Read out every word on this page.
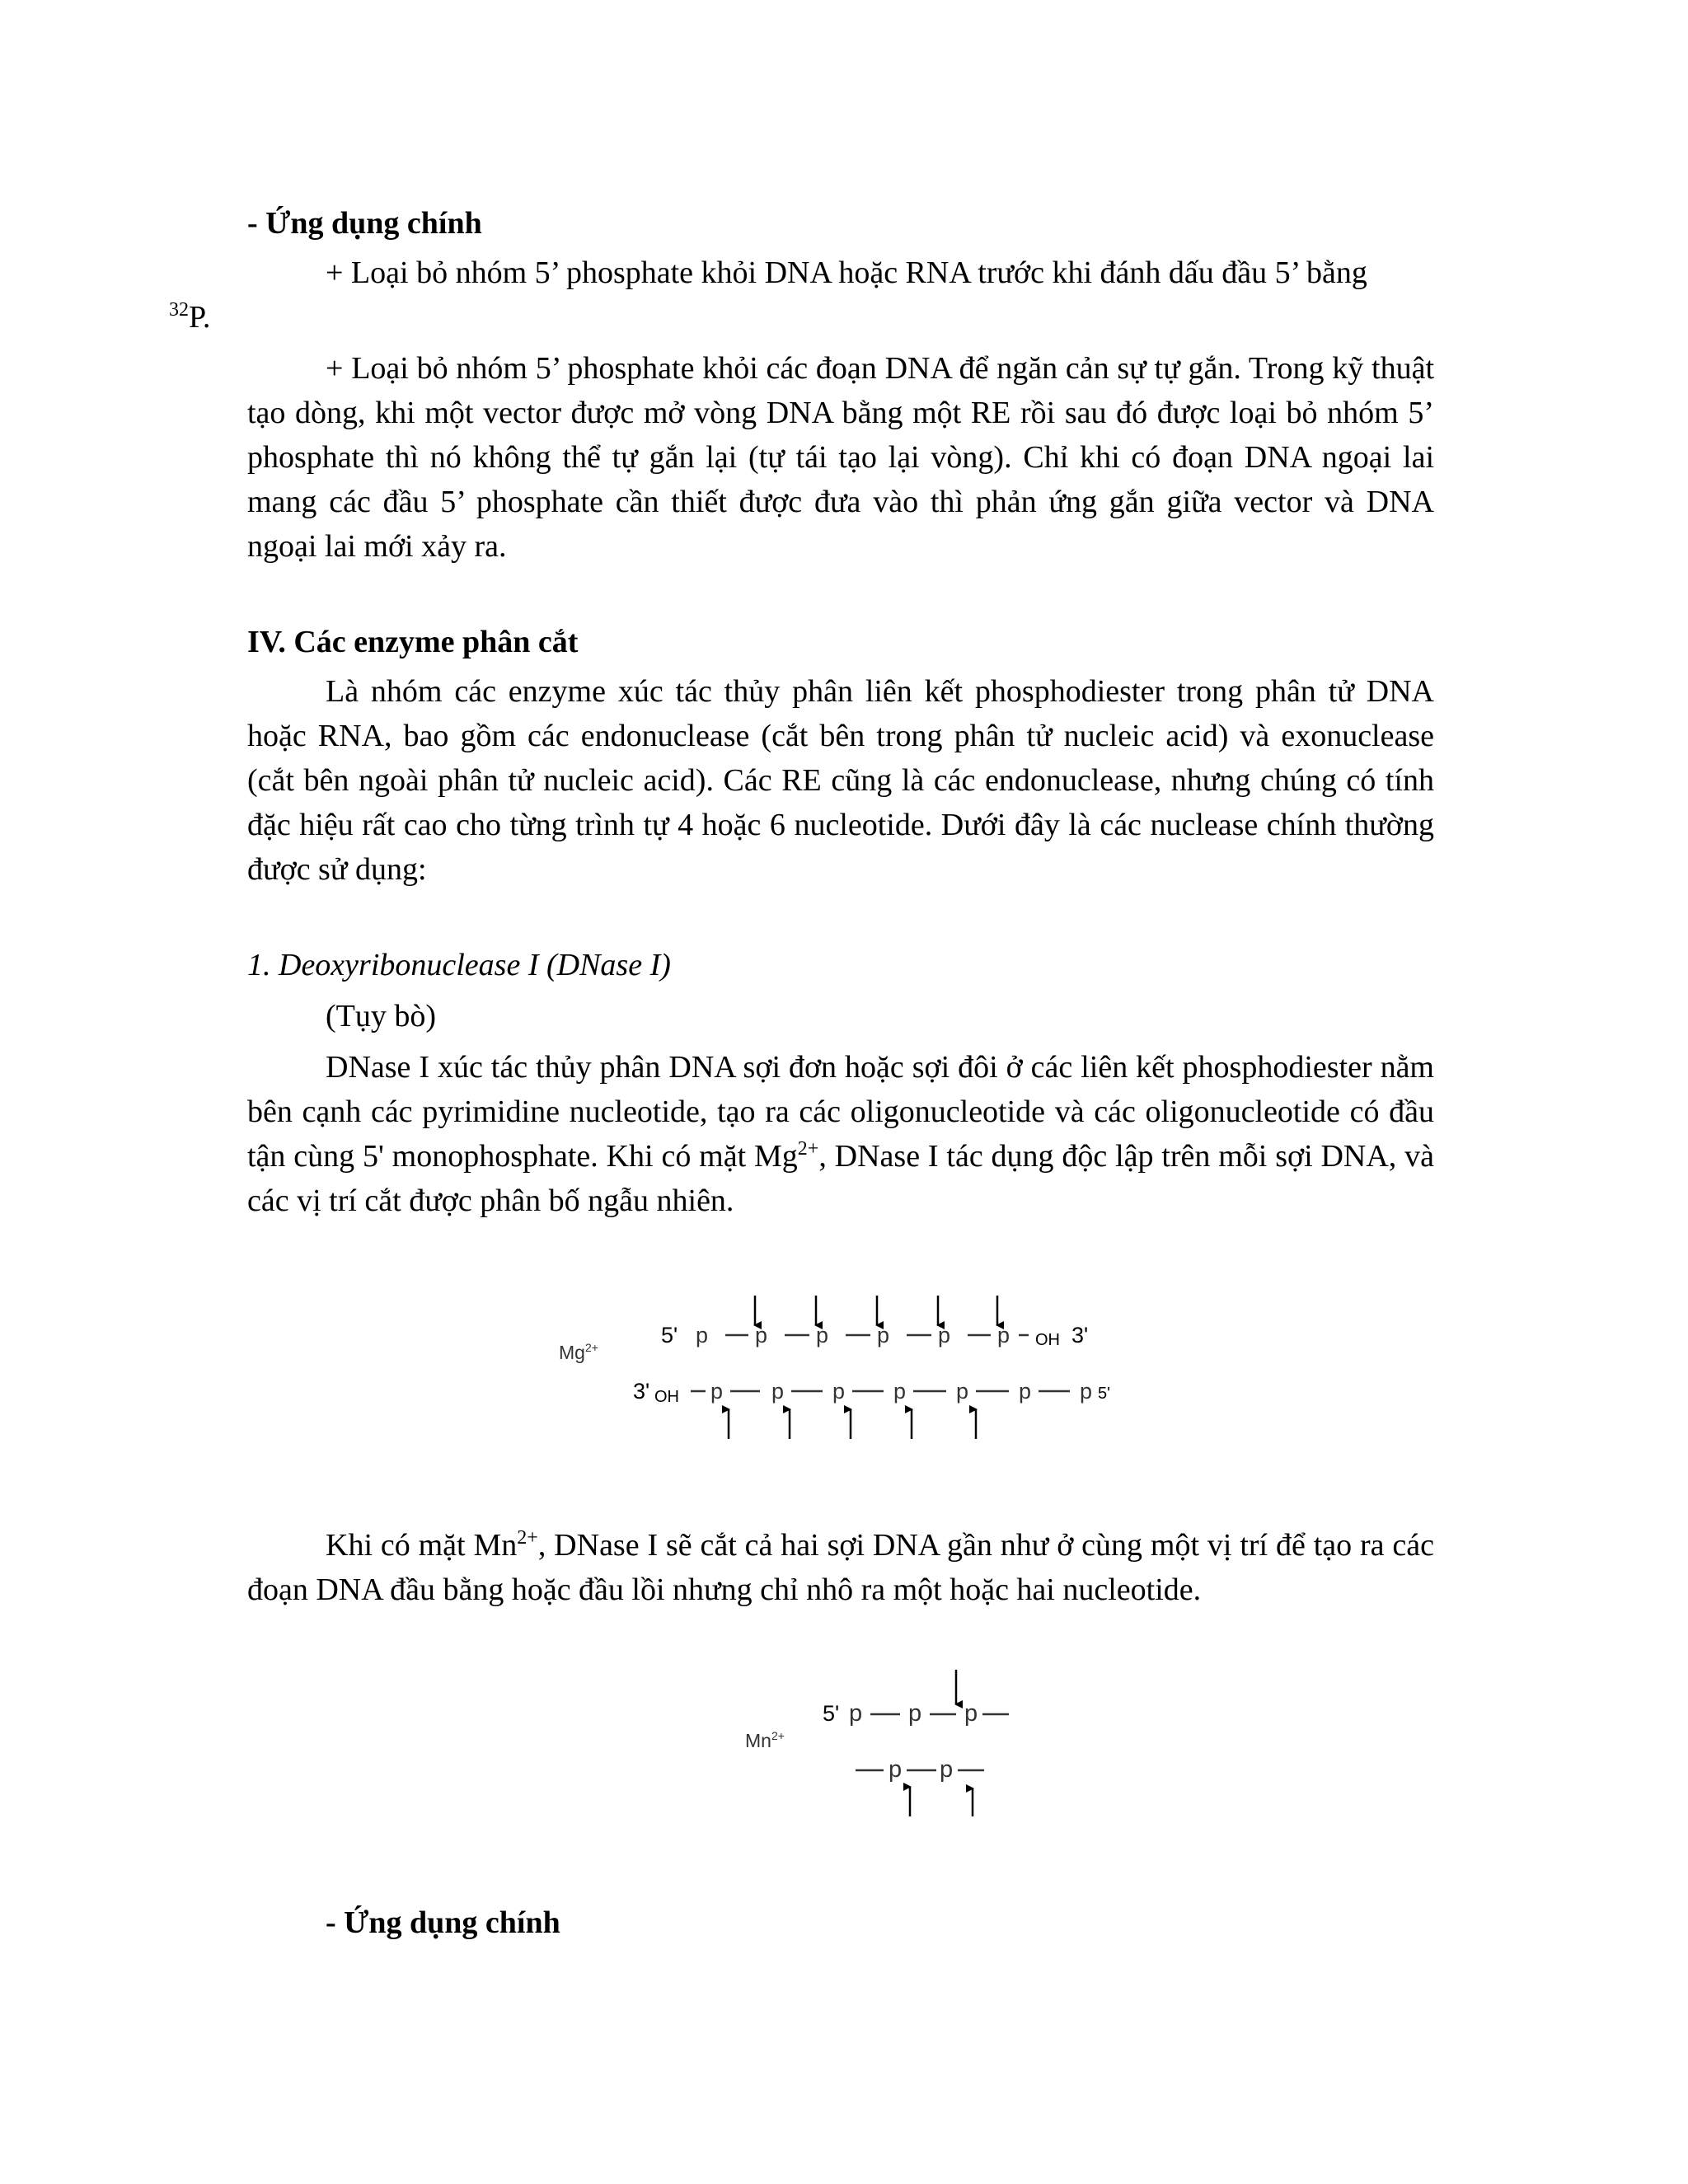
- Ứng dụng chính

+ Loại bỏ nhóm 5’ phosphate khỏi DNA hoặc RNA trước khi đánh dấu đầu 5’ bằng
$^{32}$P.

+ Loại bỏ nhóm 5’ phosphate khỏi các đoạn DNA để ngăn cản sự tự gắn. Trong kỹ thuật tạo dòng, khi một vector được mở vòng DNA bằng một RE rồi sau đó được loại bỏ nhóm 5’ phosphate thì nó không thể tự gắn lại (tự tái tạo lại vòng). Chỉ khi có đoạn DNA ngoại lai mang các đầu 5’ phosphate cần thiết được đưa vào thì phản ứng gắn giữa vector và DNA ngoại lai mới xảy ra.

IV. Các enzyme phân cắt

Là nhóm các enzyme xúc tác thủy phân liên kết phosphodiester trong phân tử DNA hoặc RNA, bao gồm các endonuclease (cắt bên trong phân tử nucleic acid) và exonuclease (cắt bên ngoài phân tử nucleic acid). Các RE cũng là các endonuclease, nhưng chúng có tính đặc hiệu rất cao cho từng trình tự 4 hoặc 6 nucleotide. Dưới đây là các nuclease chính thường được sử dụng:

1. Deoxyribonuclease I (DNase I)

(Tụy bò)

DNase I xúc tác thủy phân DNA sợi đơn hoặc sợi đôi ở các liên kết phosphodiester nằm bên cạnh các pyrimidine nucleotide, tạo ra các oligonucleotide và các oligonucleotide có đầu tận cùng 5' monophosphate. Khi có mặt $Mg^{2+}$, DNase I tác dụng độc lập trên mỗi sợi DNA, và các vị trí cắt được phân bố ngẫu nhiên.

Khi có mặt $Mn^{2+}$, DNase I sẽ cắt cả hai sợi DNA gần như ở cùng một vị trí để tạo ra các đoạn DNA đầu bằng hoặc đầu lồi nhưng chỉ nhô ra một hoặc hai nucleotide.

- Ứng dụng chính

$Mg^{2+}$	5' p p p p p p OH 3'
3' OH p p p p p p p 5'
$Mn^{2+}$
5' p p p
p p
